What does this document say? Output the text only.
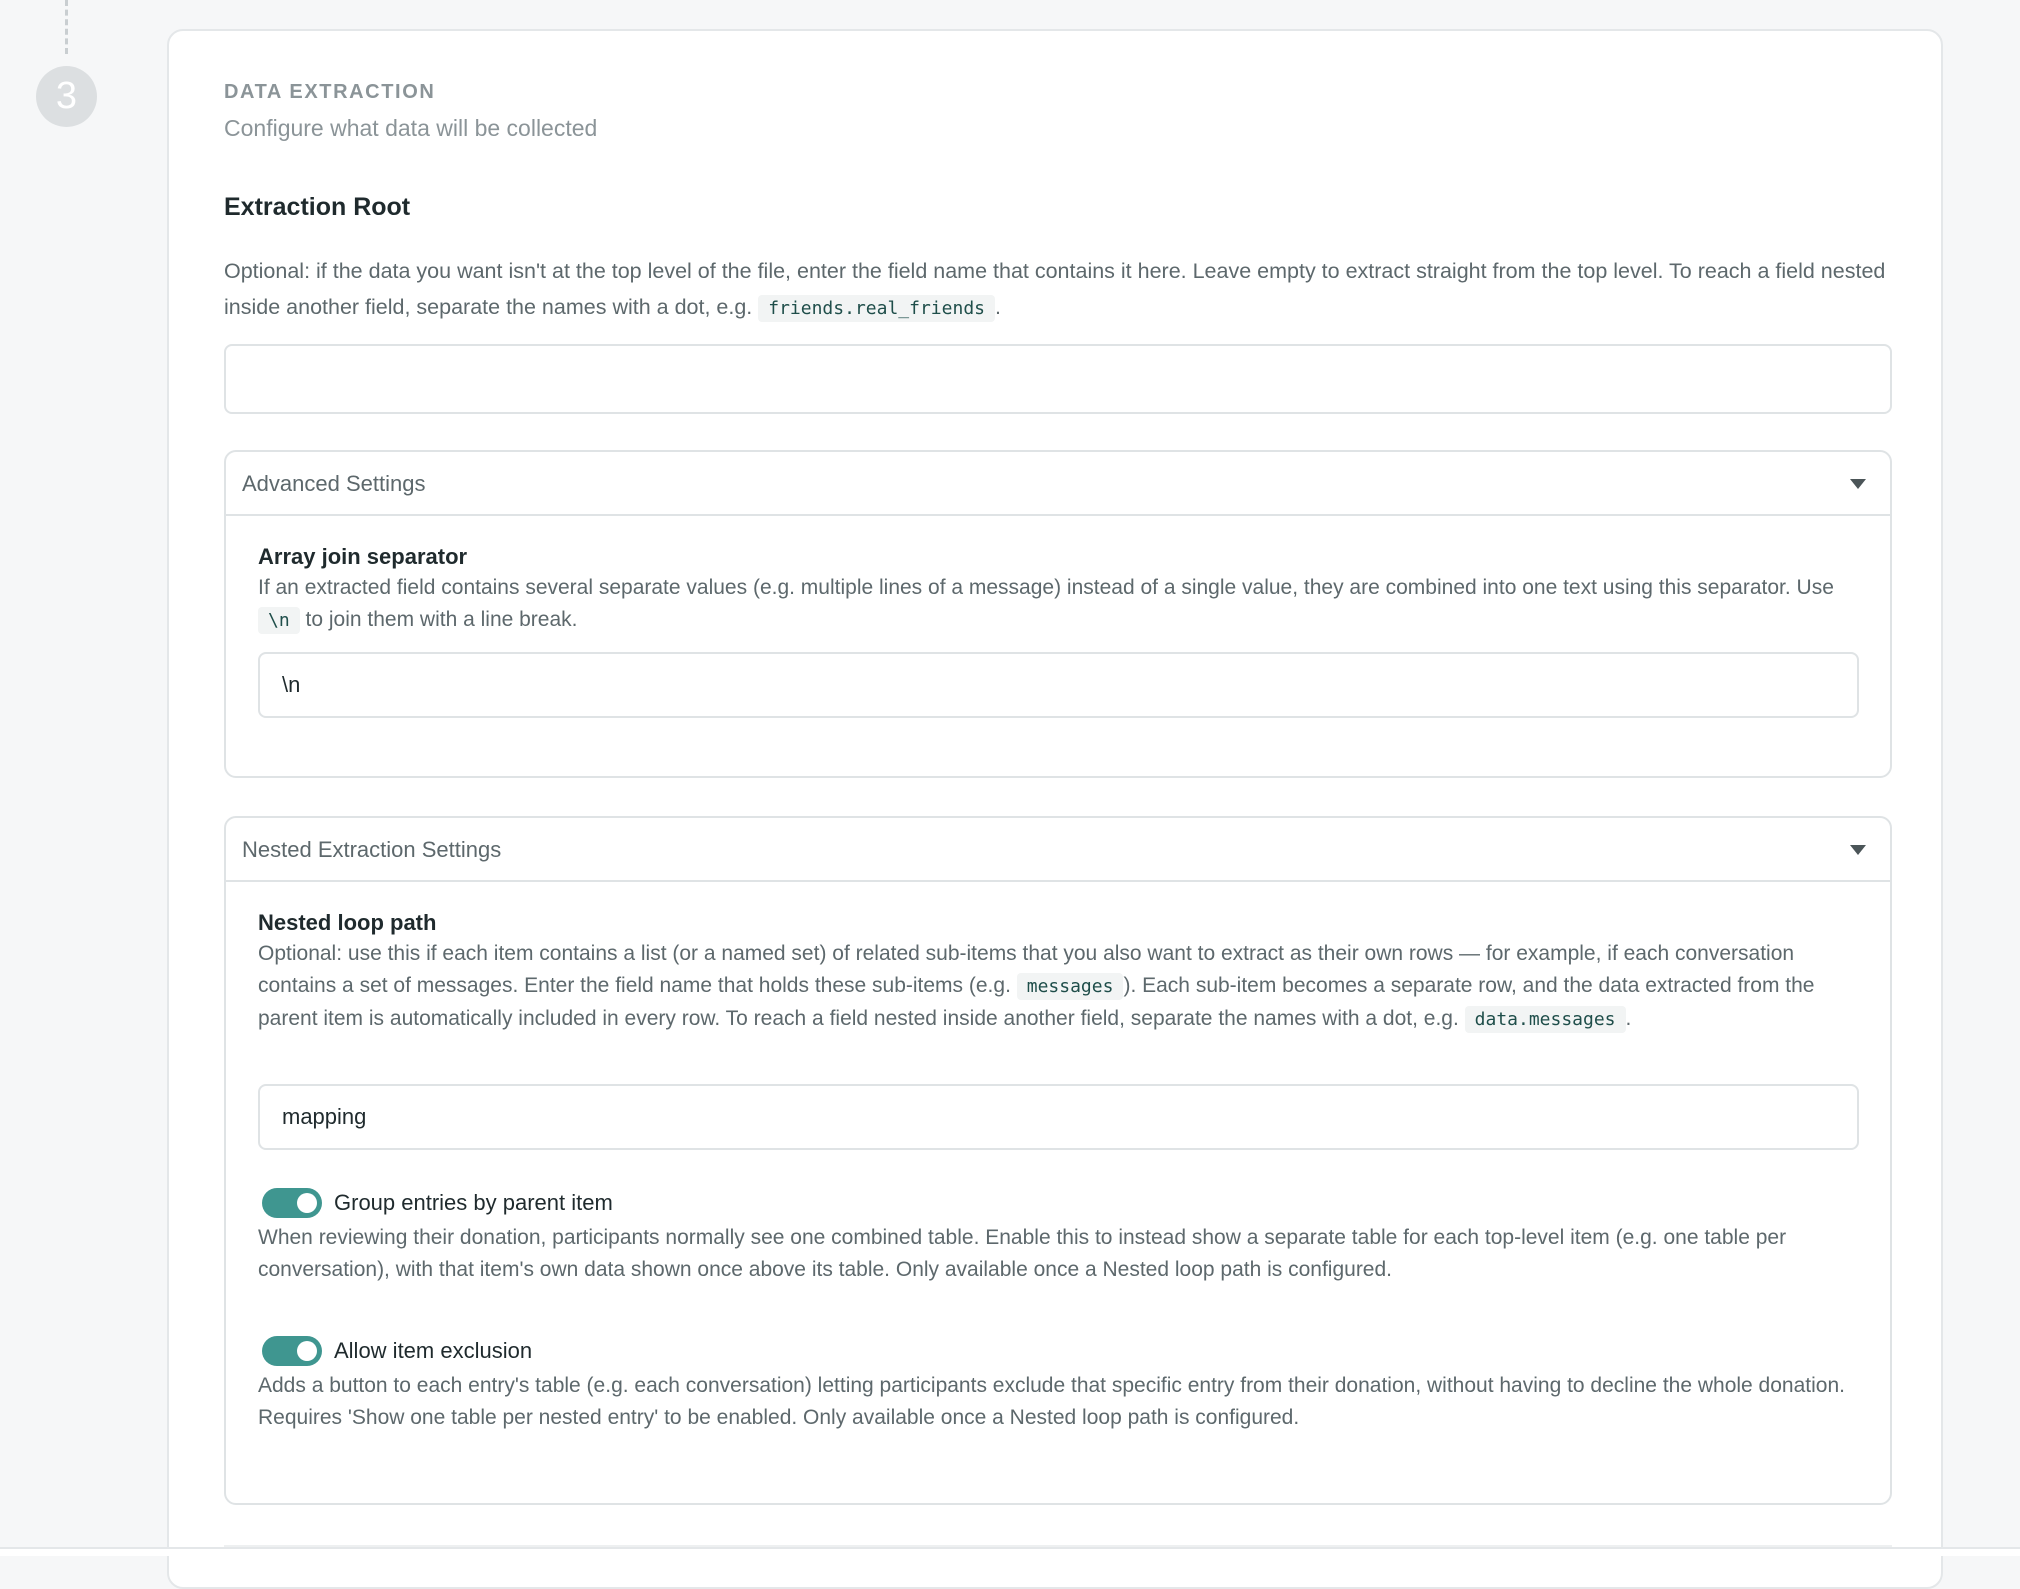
3	DATA EXTRACTION
Configure what data will be collected
Extraction Root
Optional: if the data you want isn't at the top level of the file, enter the field name that contains it here. Leave empty to extract straight from the top level. To reach a field nested inside another field, separate the names with a dot, e.g. friends.real_friends .
Advanced Settings
Array join separator
If an extracted field contains several separate values (e.g. multiple lines of a message) instead of a single value, they are combined into one text using this separator. Use \n to join them with a line break.
\n
Nested Extraction Settings
Nested loop path
Optional: use this if each item contains a list (or a named set) of related sub-items that you also want to extract as their own rows — for example, if each conversation contains a set of messages. Enter the field name that holds these sub-items (e.g. messages ). Each sub-item becomes a separate row, and the data extracted from the parent item is automatically included in every row. To reach a field nested inside another field, separate the names with a dot, e.g. data.messages .
mapping
Group entries by parent item
When reviewing their donation, participants normally see one combined table. Enable this to instead show a separate table for each top-level item (e.g. one table per conversation), with that item's own data shown once above its table. Only available once a Nested loop path is configured.
Allow item exclusion
Adds a button to each entry's table (e.g. each conversation) letting participants exclude that specific entry from their donation, without having to decline the whole donation. Requires 'Show one table per nested entry' to be enabled. Only available once a Nested loop path is configured.
